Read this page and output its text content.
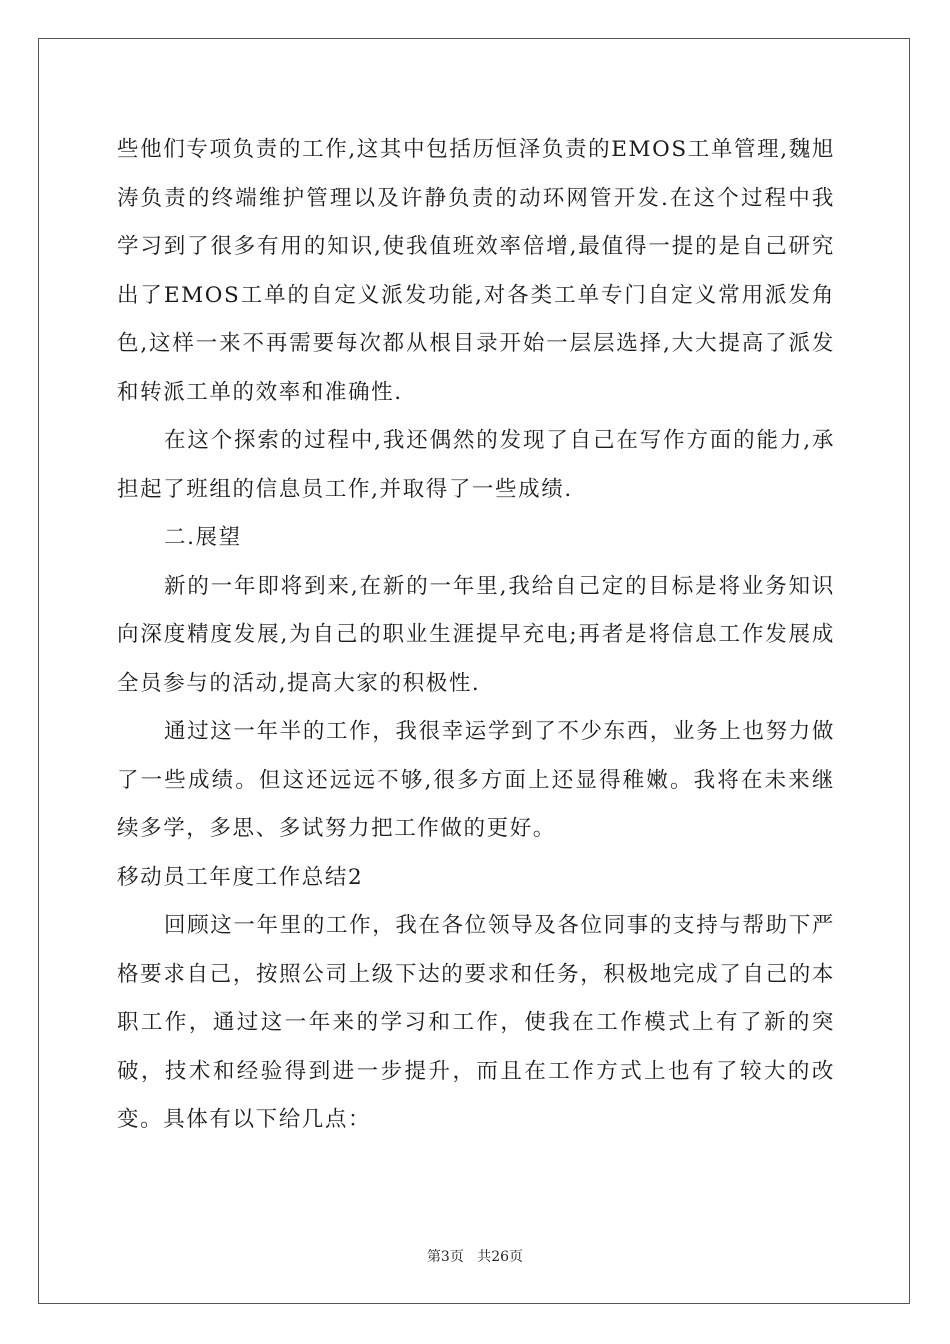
些他们专项负责的工作,这其中包括历恒泽负责的EMOS工单管理,魏旭涛负责的终端维护管理以及许静负责的动环网管开发.在这个过程中我学习到了很多有用的知识,使我值班效率倍增,最值得一提的是自己研究出了EMOS工单的自定义派发功能,对各类工单专门自定义常用派发角色,这样一来不再需要每次都从根目录开始一层层选择,大大提高了派发和转派工单的效率和准确性.

在这个探索的过程中,我还偶然的发现了自己在写作方面的能力,承担起了班组的信息员工作,并取得了一些成绩.

二.展望

新的一年即将到来,在新的一年里,我给自己定的目标是将业务知识向深度精度发展,为自己的职业生涯提早充电;再者是将信息工作发展成全员参与的活动,提高大家的积极性.

通过这一年半的工作，我很幸运学到了不少东西，业务上也努力做了一些成绩。但这还远远不够,很多方面上还显得稚嫩。我将在未来继续多学，多思、多试努力把工作做的更好。

移动员工年度工作总结2

回顾这一年里的工作，我在各位领导及各位同事的支持与帮助下严格要求自己，按照公司上级下达的要求和任务，积极地完成了自己的本职工作，通过这一年来的学习和工作，使我在工作模式上有了新的突破，技术和经验得到进一步提升，而且在工作方式上也有了较大的改变。具体有以下给几点：

第3页 共26页
